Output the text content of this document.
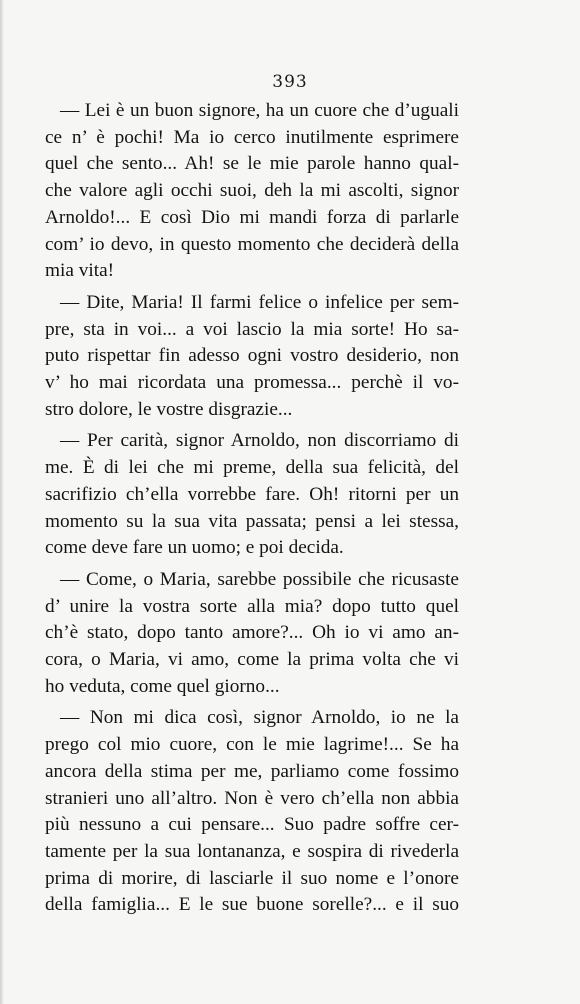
393
— Lei è un buon signore, ha un cuore che d’uguali
ce n’ è pochi! Ma io cerco inutilmente esprimere
quel che sento... Ah! se le mie parole hanno qual-
che valore agli occhi suoi, deh la mi ascolti, signor
Arnoldo!... E così Dio mi mandi forza di parlarle
com’ io devo, in questo momento che deciderà della
mia vita!
— Dite, Maria! Il farmi felice o infelice per sem-
pre, sta in voi... a voi lascio la mia sorte! Ho sa-
puto rispettar fin adesso ogni vostro desiderio, non
v’ ho mai ricordata una promessa... perchè il vo-
stro dolore, le vostre disgrazie...
— Per carità, signor Arnoldo, non discorriamo di
me. È di lei che mi preme, della sua felicità, del
sacrifizio ch’ella vorrebbe fare. Oh! ritorni per un
momento su la sua vita passata; pensi a lei stessa,
come deve fare un uomo; e poi decida.
— Come, o Maria, sarebbe possibile che ricusaste
d’ unire la vostra sorte alla mia? dopo tutto quel
ch’è stato, dopo tanto amore?... Oh io vi amo an-
cora, o Maria, vi amo, come la prima volta che vi
ho veduta, come quel giorno...
— Non mi dica così, signor Arnoldo, io ne la
prego col mio cuore, con le mie lagrime!... Se ha
ancora della stima per me, parliamo come fossimo
stranieri uno all’altro. Non è vero ch’ella non abbia
più nessuno a cui pensare... Suo padre soffre cer-
tamente per la sua lontananza, e sospira di rivederla
prima di morire, di lasciarle il suo nome e l’onore
della famiglia... E le sue buone sorelle?... e il suo
